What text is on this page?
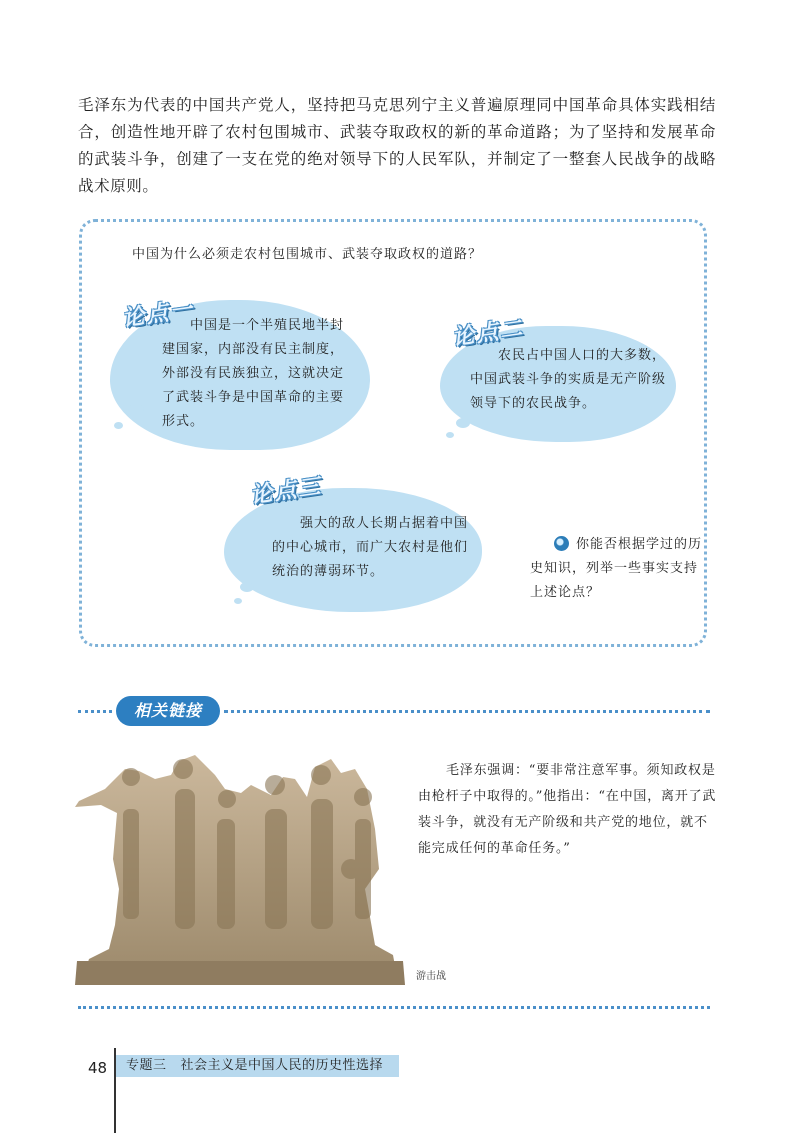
毛泽东为代表的中国共产党人，坚持把马克思列宁主义普遍原理同中国革命具体实践相结合，创造性地开辟了农村包围城市、武装夺取政权的新的革命道路；为了坚持和发展革命的武装斗争，创建了一支在党的绝对领导下的人民军队，并制定了一整套人民战争的战略战术原则。
中国为什么必须走农村包围城市、武装夺取政权的道路？
论点一
中国是一个半殖民地半封建国家，内部没有民主制度，外部没有民族独立，这就决定了武装斗争是中国革命的主要形式。
论点二
农民占中国人口的大多数，中国武装斗争的实质是无产阶级领导下的农民战争。
论点三
强大的敌人长期占据着中国的中心城市，而广大农村是他们统治的薄弱环节。
你能否根据学过的历史知识，列举一些事实支持上述论点？
相关链接
毛泽东强调：“要非常注意军事。须知政权是由枪杆子中取得的。”他指出：“在中国，离开了武装斗争，就没有无产阶级和共产党的地位，就不能完成任何的革命任务。”
游击战
48	专题三 社会主义是中国人民的历史性选择
